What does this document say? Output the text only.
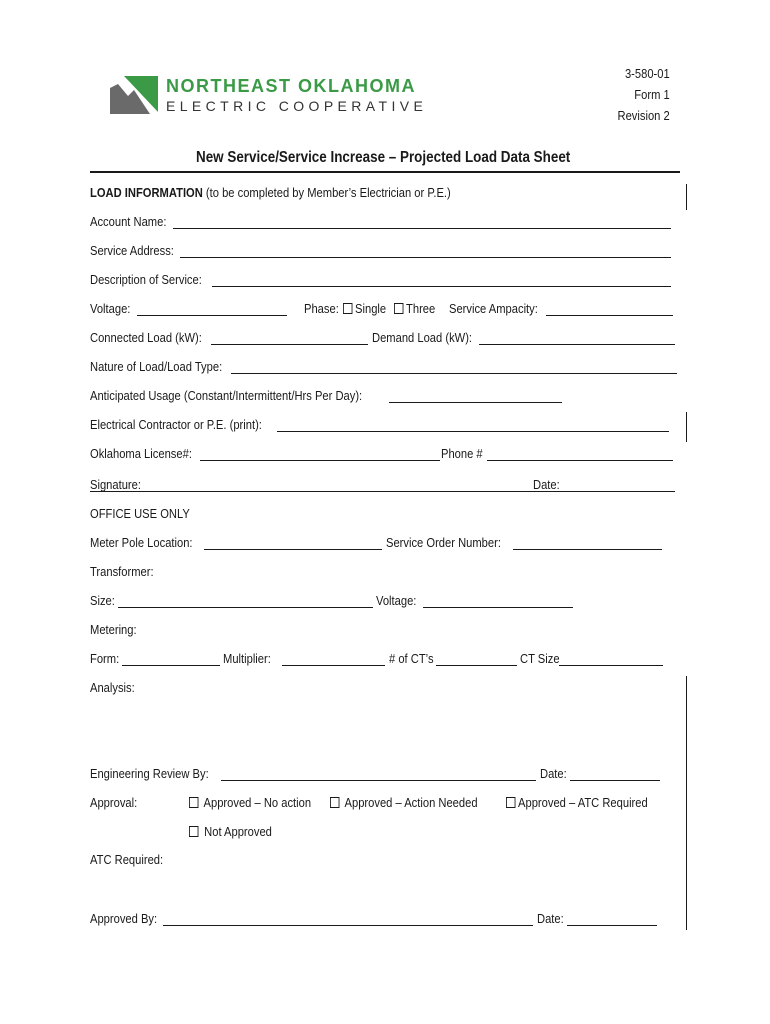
NORTHEAST OKLAHOMA
ELECTRIC COOPERATIVE
3-580-01
Form 1
Revision 2
New Service/Service Increase – Projected Load Data Sheet
LOAD INFORMATION (to be completed by Member’s Electrician or P.E.)
Account Name:
Service Address:
Description of Service:
Voltage:	Phase:	Single	Three Service Ampacity:
Connected Load (kW):	Demand Load (kW):
Nature of Load/Load Type:
Anticipated Usage (Constant/Intermittent/Hrs Per Day):
Electrical Contractor or P.E. (print):
Oklahoma License#:	Phone #
Signature:	Date:
OFFICE USE ONLY
Meter Pole Location:	Service Order Number:
Transformer:
Size:	Voltage:
Metering:
Form:	Multiplier:	# of CT’s	CT Size
Analysis:
Engineering Review By:	Date:
Approval:	Approved – No action	Approved – Action Needed	Approved – ATC Required
Not Approved
ATC Required:
Approved By:	Date:
